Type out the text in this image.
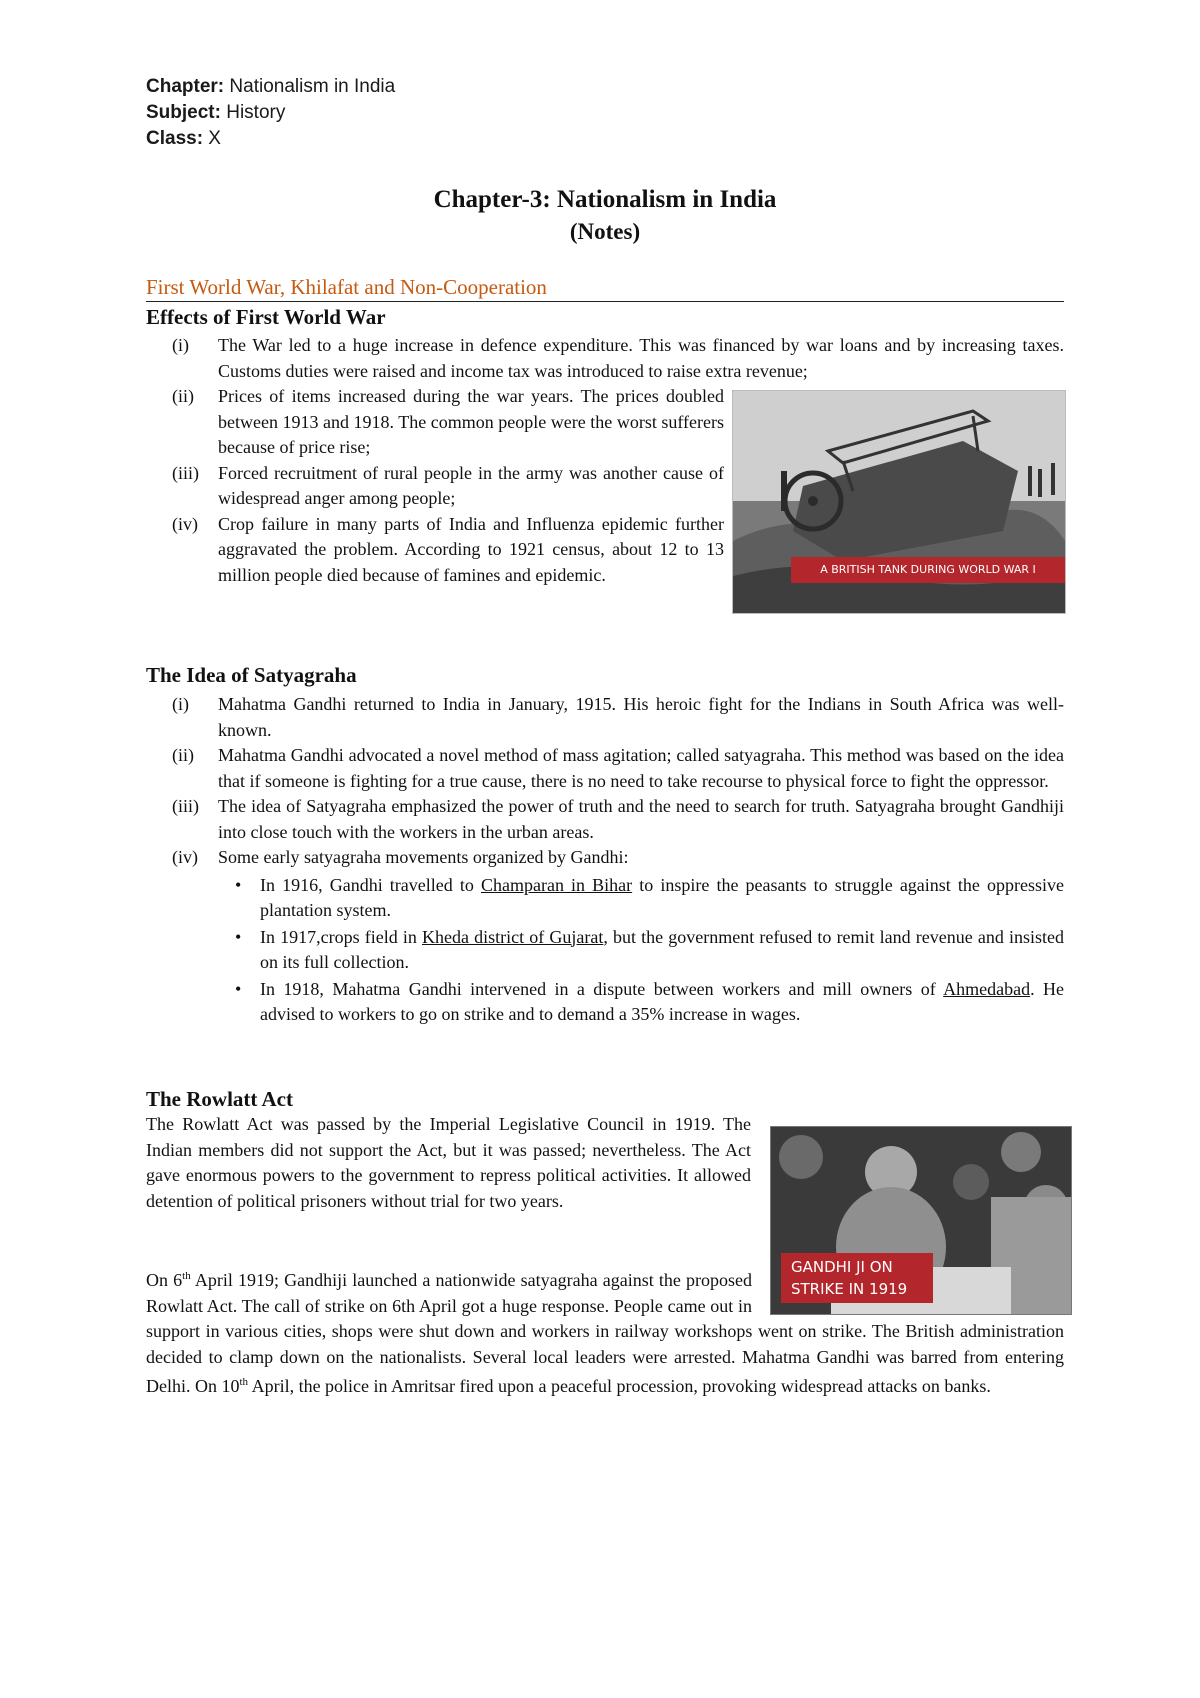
Chapter: Nationalism in India
Subject: History
Class: X
Chapter-3: Nationalism in India
(Notes)
First World War, Khilafat and Non-Cooperation
Effects of First World War
(i)	The War led to a huge increase in defence expenditure. This was financed by war loans and by increasing taxes. Customs duties were raised and income tax was introduced to raise extra revenue;
(ii)	Prices of items increased during the war years. The prices doubled between 1913 and 1918. The common people were the worst sufferers because of price rise;
(iii)	Forced recruitment of rural people in the army was another cause of widespread anger among people;
(iv)	Crop failure in many parts of India and Influenza epidemic further aggravated the problem. According to 1921 census, about 12 to 13 million people died because of famines and epidemic.	A BRITISH TANK DURING WORLD WAR I
The Idea of Satyagraha
(i)	Mahatma Gandhi returned to India in January, 1915. His heroic fight for the Indians in South Africa was well-known.
(ii)	Mahatma Gandhi advocated a novel method of mass agitation; called satyagraha. This method was based on the idea that if someone is fighting for a true cause, there is no need to take recourse to physical force to fight the oppressor.
(iii)	The idea of Satyagraha emphasized the power of truth and the need to search for truth. Satyagraha brought Gandhiji into close touch with the workers in the urban areas.
(iv)	Some early satyagraha movements organized by Gandhi:
• In 1916, Gandhi travelled to Champaran in Bihar to inspire the peasants to struggle against the oppressive plantation system.
• In 1917,crops field in Kheda district of Gujarat, but the government refused to remit land revenue and insisted on its full collection.
• In 1918, Mahatma Gandhi intervened in a dispute between workers and mill owners of Ahmedabad. He advised to workers to go on strike and to demand a 35% increase in wages.
The Rowlatt Act
GANDHI JI ON
STRIKE IN 1919
The Rowlatt Act was passed by the Imperial Legislative Council in 1919. The Indian members did not support the Act, but it was passed; nevertheless. The Act gave enormous powers to the government to repress political activities. It allowed detention of political prisoners without trial for two years.
On 6th April 1919; Gandhiji launched a nationwide satyagraha against the proposed Rowlatt Act. The call of strike on 6th April got a huge response. People came out in support in various cities, shops were shut down and workers in railway workshops went on strike. The British administration decided to clamp down on the nationalists. Several local leaders were arrested. Mahatma Gandhi was barred from entering Delhi. On 10th April, the police in Amritsar fired upon a peaceful procession, provoking widespread attacks on banks.
